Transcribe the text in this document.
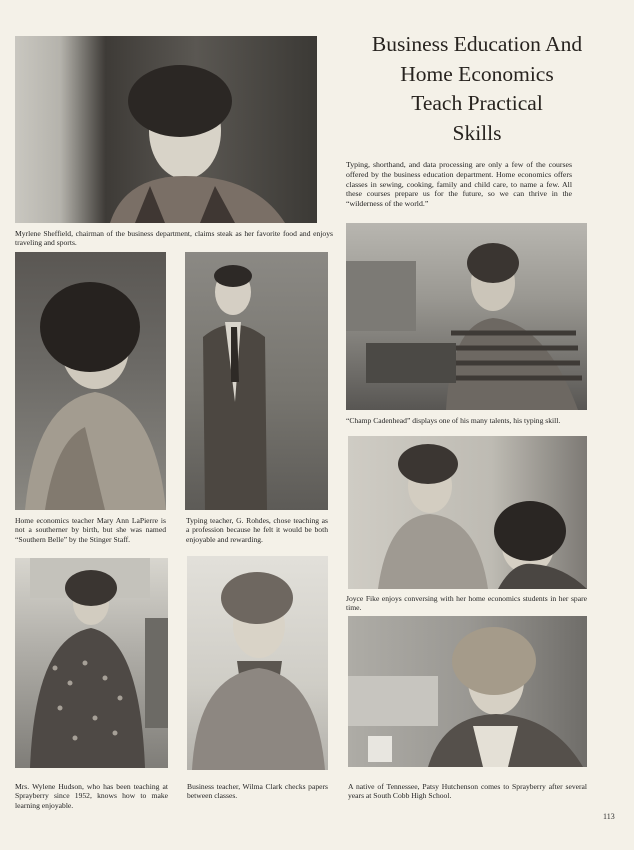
Business Education And
Home Economics
Teach Practical
Skills
Typing, shorthand, and data processing are only a few of the courses offered by the business education department. Home economics offers classes in sewing, cooking, family and child care, to name a few. All these courses prepare us for the future, so we can thrive in the “wilderness of the world.”
Myrlene Sheffield, chairman of the business department, claims steak as her favorite food and enjoys traveling and sports.
Home economics teacher Mary Ann LaPierre is not a southerner by birth, but she was named “Southern Belle” by the Stinger Staff.
Typing teacher, G. Rohdes, chose teaching as a profession because he felt it would be both enjoyable and rewarding.
“Champ Cadenhead” displays one of his many talents, his typing skill.
Joyce Fike enjoys conversing with her home economics students in her spare time.
Mrs. Wylene Hudson, who has been teaching at Sprayberry since 1952, knows how to make learning enjoyable.
Business teacher, Wilma Clark checks papers between classes.
A native of Tennessee, Patsy Hutchenson comes to Sprayberry after several years at South Cobb High School.
113
